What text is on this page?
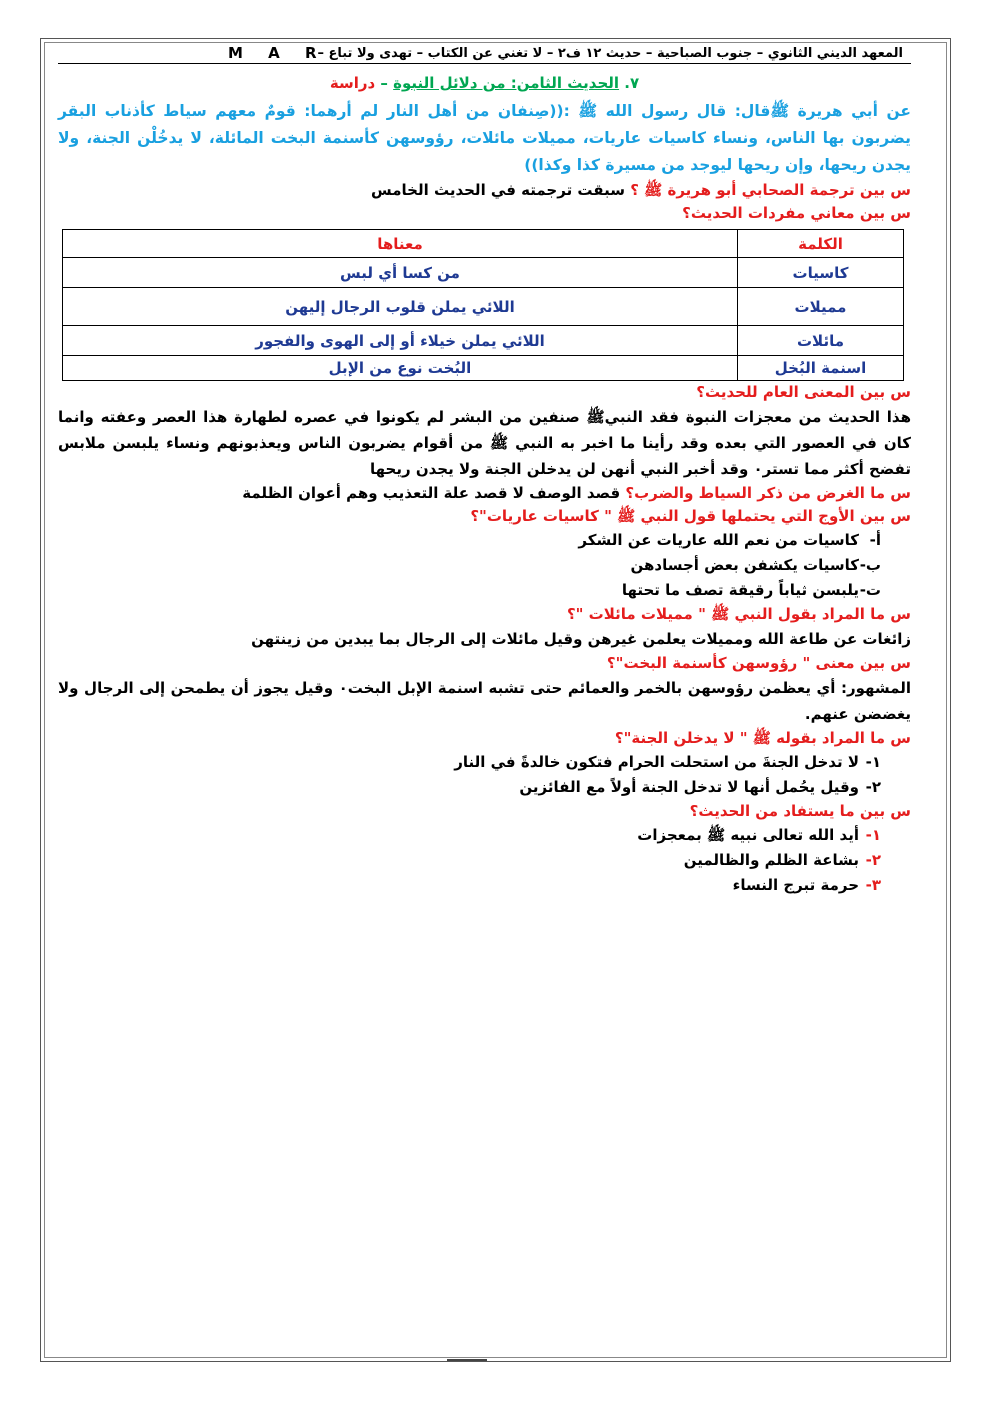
المعهد الديني الثانوي – جنوب الصباحية – حديث ١٢ ف٢ – لا تغني عن الكتاب – تهدى ولا تباع –
M A R
٧. الحديث الثامن: من دلائل النبوة – دراسة
عن أبي هريرة ﷺقال: قال رسول الله ﷺ :((صِنفان من أهل النار لم أرهما: قومٌ معهم سياط كأذناب البقر يضربون بها الناس، ونساء كاسيات عاريات، مميلات مائلات، رؤوسهن كأسنمة البخت المائلة، لا يدخُلْن الجنة، ولا يجدن ريحها، وإن ريحها ليوجد من مسيرة كذا وكذا))
س بين ترجمة الصحابي أبو هريرة ﷺ ؟ سبقت ترجمته في الحديث الخامس
س بين معاني مفردات الحديث؟
الكلمة	معناها
كاسيات	من كسا أي لبس
مميلات	اللائي يملن قلوب الرجال إليهن
مائلات	اللائي يملن خيلاء أو إلى الهوى والفجور
اسنمة البُخل	البُخت نوع من الإبل
س بين المعنى العام للحديث؟
هذا الحديث من معجزات النبوة فقد النبيﷺ صنفين من البشر لم يكونوا في عصره لطهارة هذا العصر وعفته وانما كان في العصور التي بعده وقد رأينا ما اخبر به النبي ﷺ من أقوام يضربون الناس ويعذبونهم ونساء يلبسن ملابس تفضح أكثر مما تستر٠ وقد أخبر النبي أنهن لن يدخلن الجنة ولا يجدن ريحها
س ما الغرض من ذكر السياط والضرب؟ قصد الوصف لا قصد علة التعذيب وهم أعوان الظلمة
س بين الأوج التي يحتملها قول النبي ﷺ " كاسيات عاريات"؟
أ-كاسيات من نعم الله عاريات عن الشكر
ب-كاسيات يكشفن بعض أجسادهن
ت-يلبسن ثياباً رقيقة تصف ما تحتها
س ما المراد بقول النبي ﷺ " مميلات مائلات "؟
زائغات عن طاعة الله ومميلات يعلمن غيرهن وقيل مائلات إلى الرجال بما يبدين من زينتهن
س بين معنى " رؤوسهن كأسنمة البخت"؟
المشهور: أي يعظمن رؤوسهن بالخمر والعمائم حتى تشبه اسنمة الإبل البخت٠ وقيل يجوز أن يطمحن إلى الرجال ولا يغضضن عنهم.
س ما المراد بقوله ﷺ " لا يدخلن الجنة"؟
١-لا تدخل الجنةَ من استحلت الحرام فتكون خالدةً في النار
٢-وقيل يحُمل أنها لا تدخل الجنة أولاً مع الفائزين
س بين ما يستفاد من الحديث؟
١-أيد الله تعالى نبيه ﷺ بمعجزات
٢-بشاعة الظلم والظالمين
٣-حرمة تبرج النساء
